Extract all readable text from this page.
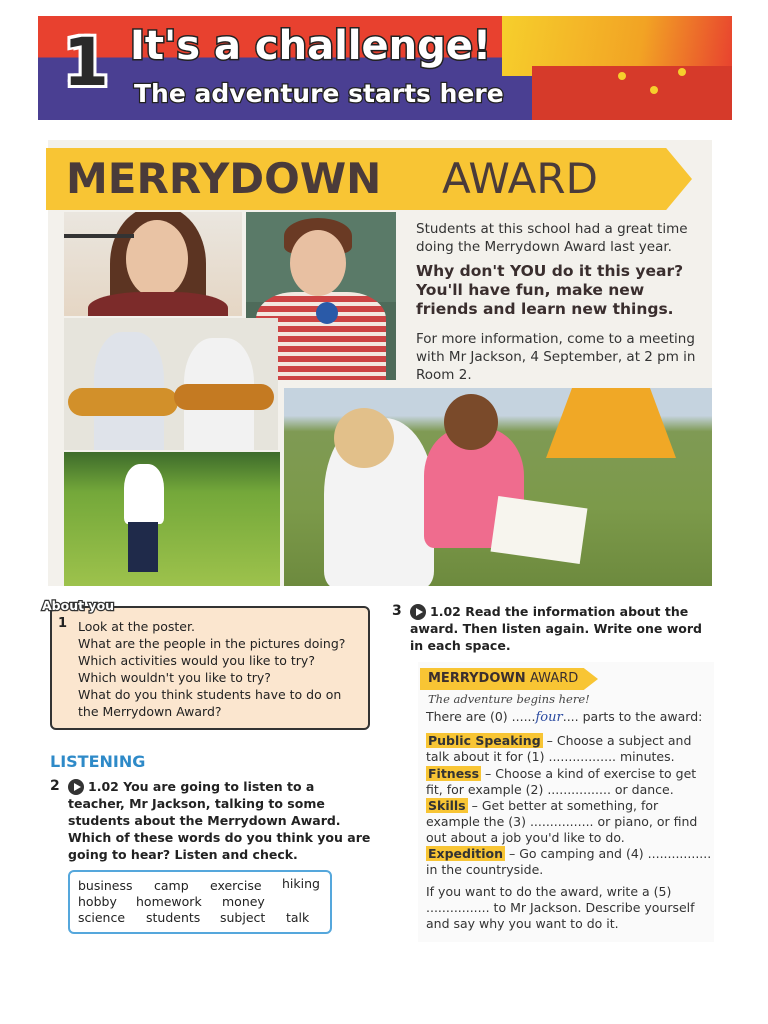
1 It's a challenge!
The adventure starts here
MERRYDOWN AWARD
Students at this school had a great time doing the Merrydown Award last year.
Why don't YOU do it this year? You'll have fun, make new friends and learn new things.
For more information, come to a meeting with Mr Jackson, 4 September, at 2 pm in Room 2.
About you
1 Look at the poster.
What are the people in the pictures doing?
Which activities would you like to try?
Which wouldn't you like to try?
What do you think students have to do on
the Merrydown Award?
LISTENING
2	1.02 You are going to listen to a teacher, Mr Jackson, talking to some students about the Merrydown Award. Which of these words do you think you are going to hear? Listen and check.
business camp exercise hiking
hobby homework money
science students subject talk
3	1.02 Read the information about the award. Then listen again. Write one word in each space.
MERRYDOWN AWARD
The adventure begins here!
There are (0) ......four.... parts to the award:
Public Speaking – Choose a subject and talk about it for (1) ................. minutes.
Fitness – Choose a kind of exercise to get fit, for example (2) ................ or dance.
Skills – Get better at something, for example the (3) ................ or piano, or find out about a job you'd like to do.
Expedition – Go camping and (4) ................ in the countryside.
If you want to do the award, write a (5) ................ to Mr Jackson. Describe yourself and say why you want to do it.
